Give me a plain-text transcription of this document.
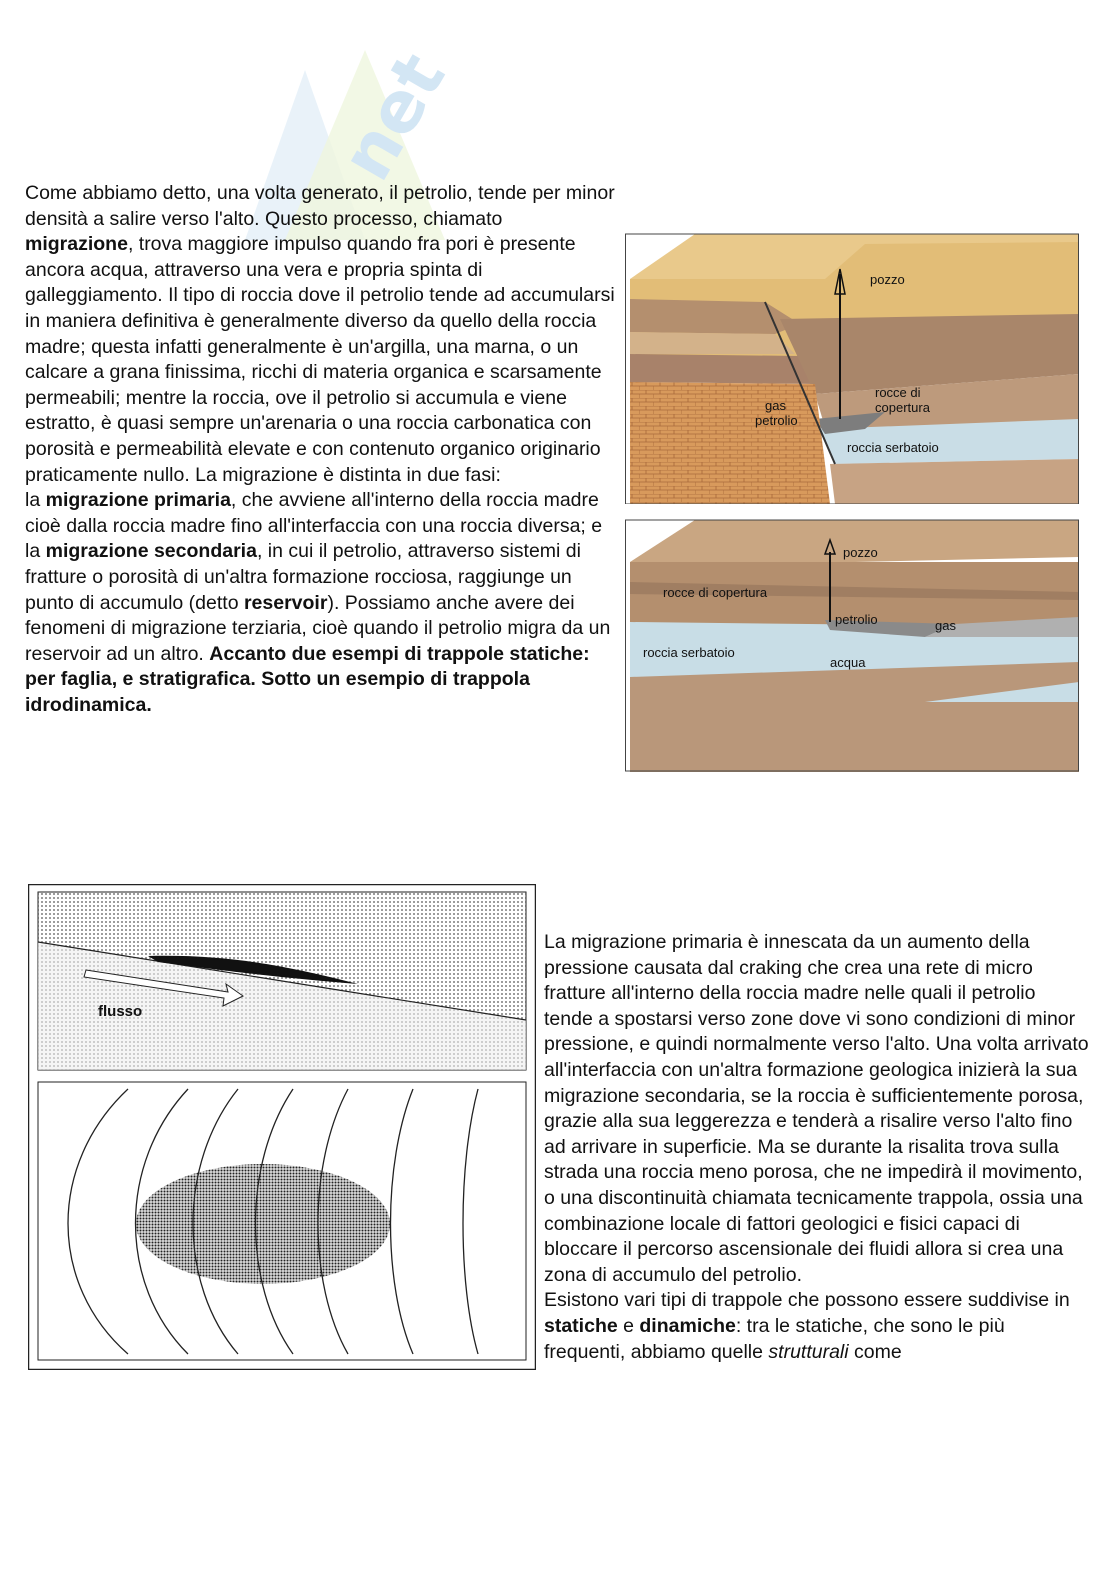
net

Come abbiamo detto, una volta generato, il petrolio, tende per minor densità a salire verso l'alto. Questo processo, chiamato migrazione, trova maggiore impulso quando fra pori è presente ancora acqua, attraverso una vera e propria spinta di galleggiamento. Il tipo di roccia dove il petrolio tende ad accumularsi in maniera definitiva è generalmente diverso da quello della roccia madre; questa infatti generalmente è un'argilla, una marna, o un calcare a grana finissima, ricchi di materia organica e scarsamente permeabili; mentre la roccia, ove il petrolio si accumula e viene estratto, è quasi sempre un'arenaria o una roccia carbonatica con porosità e permeabilità elevate e con contenuto organico originario praticamente nullo. La migrazione è distinta in due fasi:

la migrazione primaria, che avviene all'interno della roccia madre cioè dalla roccia madre fino all'interfaccia con una roccia diversa; e la migrazione secondaria, in cui il petrolio, attraverso sistemi di fratture o porosità di un'altra formazione rocciosa, raggiunge un punto di accumulo (detto reservoir). Possiamo anche avere dei fenomeni di migrazione terziaria, cioè quando il petrolio migra da un reservoir ad un altro. Accanto due esempi di trappole statiche: per faglia, e stratigrafica. Sotto un esempio di trappola idrodinamica.

pozzo
rocce di
copertura
gas
petrolio
roccia serbatoio
pozzo
rocce di copertura
petrolio	gas
roccia serbatoio
acqua
flusso

La migrazione primaria è innescata da un aumento della pressione causata dal craking che crea una rete di micro fratture all'interno della roccia madre nelle quali il petrolio tende a spostarsi verso zone dove vi sono condizioni di minor pressione, e quindi normalmente verso l'alto. Una volta arrivato all'interfaccia con un'altra formazione geologica inizierà la sua migrazione secondaria, se la roccia è sufficientemente porosa, grazie alla sua leggerezza e tenderà a risalire verso l'alto fino ad arrivare in superficie. Ma se durante la risalita trova sulla strada una roccia meno porosa, che ne impedirà il movimento, o una discontinuità chiamata tecnicamente trappola, ossia una combinazione locale di fattori geologici e fisici capaci di bloccare il percorso ascensionale dei fluidi allora si crea una zona di accumulo del petrolio.

Esistono vari tipi di trappole che possono essere suddivise in statiche e dinamiche: tra le statiche, che sono le più frequenti, abbiamo quelle strutturali come
